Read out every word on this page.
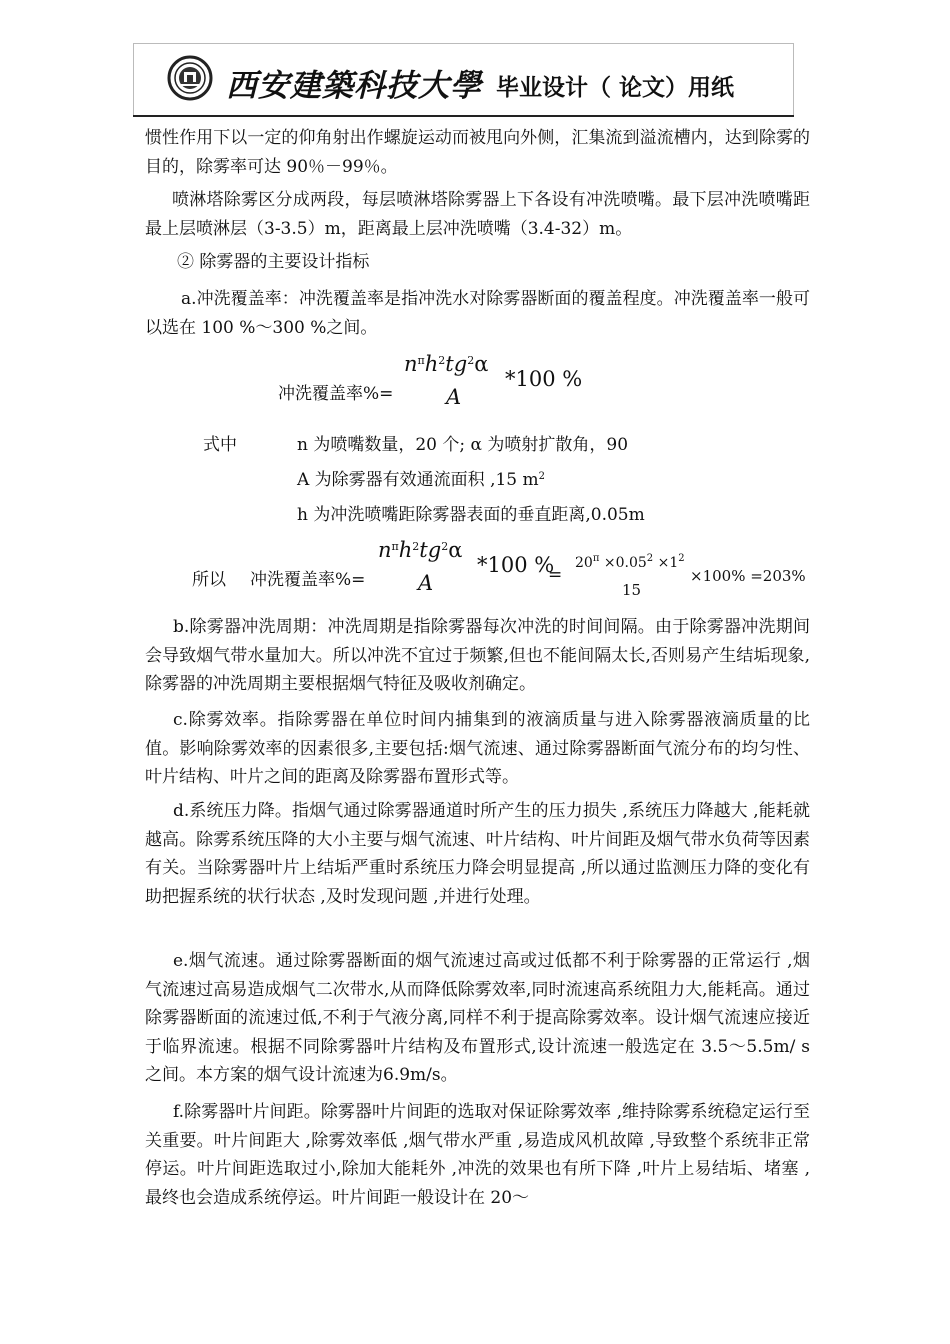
西安建築科技大學 毕业设计（ 论文）用纸

惯性作用下以一定的仰角射出作螺旋运动而被甩向外侧，汇集流到溢流槽内，达到除雾的目的，除雾率可达 90％－99％。

喷淋塔除雾区分成两段，每层喷淋塔除雾器上下各设有冲洗喷嘴。最下层冲洗喷嘴距最上层喷淋层（3-3.5）m，距离最上层冲洗喷嘴（3.4-32）m。

② 除雾器的主要设计指标

a.冲洗覆盖率：冲洗覆盖率是指冲洗水对除雾器断面的覆盖程度。冲洗覆盖率一般可以选在 100 %～300 %之间。

冲洗覆盖率%=
$n^\pi h^2tg^2\alpha$
A
*100 %
式中	n 为喷嘴数量，20 个; α 为喷射扩散角，90
A 为除雾器有效通流面积 ,15 $m^2$
h 为冲洗喷嘴距除雾器表面的垂直距离,0.05m
所以 冲洗覆盖率%=
$n^\pi h^2tg^2\alpha$
A
*100 %
=
$20^\pi \times 0.05^2 \times 1^2$
15
×100% =203%

b.除雾器冲洗周期：冲洗周期是指除雾器每次冲洗的时间间隔。由于除雾器冲洗期间会导致烟气带水量加大。所以冲洗不宜过于频繁,但也不能间隔太长,否则易产生结垢现象,除雾器的冲洗周期主要根据烟气特征及吸收剂确定。

c.除雾效率。指除雾器在单位时间内捕集到的液滴质量与进入除雾器液滴质量的比值。影响除雾效率的因素很多,主要包括:烟气流速、通过除雾器断面气流分布的均匀性、叶片结构、叶片之间的距离及除雾器布置形式等。

d.系统压力降。指烟气通过除雾器通道时所产生的压力损失 ,系统压力降越大 ,能耗就越高。除雾系统压降的大小主要与烟气流速、叶片结构、叶片间距及烟气带水负荷等因素有关。当除雾器叶片上结垢严重时系统压力降会明显提高 ,所以通过监测压力降的变化有助把握系统的状行状态 ,及时发现问题 ,并进行处理。

e.烟气流速。通过除雾器断面的烟气流速过高或过低都不利于除雾器的正常运行 ,烟气流速过高易造成烟气二次带水,从而降低除雾效率,同时流速高系统阻力大,能耗高。通过除雾器断面的流速过低,不利于气液分离,同样不利于提高除雾效率。设计烟气流速应接近于临界流速。根据不同除雾器叶片结构及布置形式,设计流速一般选定在 3.5～5.5m/ s 之间。本方案的烟气设计流速为6.9m/s。

f.除雾器叶片间距。除雾器叶片间距的选取对保证除雾效率 ,维持除雾系统稳定运行至关重要。叶片间距大 ,除雾效率低 ,烟气带水严重 ,易造成风机故障 ,导致整个系统非正常停运。叶片间距选取过小,除加大能耗外 ,冲洗的效果也有所下降 ,叶片上易结垢、堵塞 ,最终也会造成系统停运。叶片间距一般设计在 20～
